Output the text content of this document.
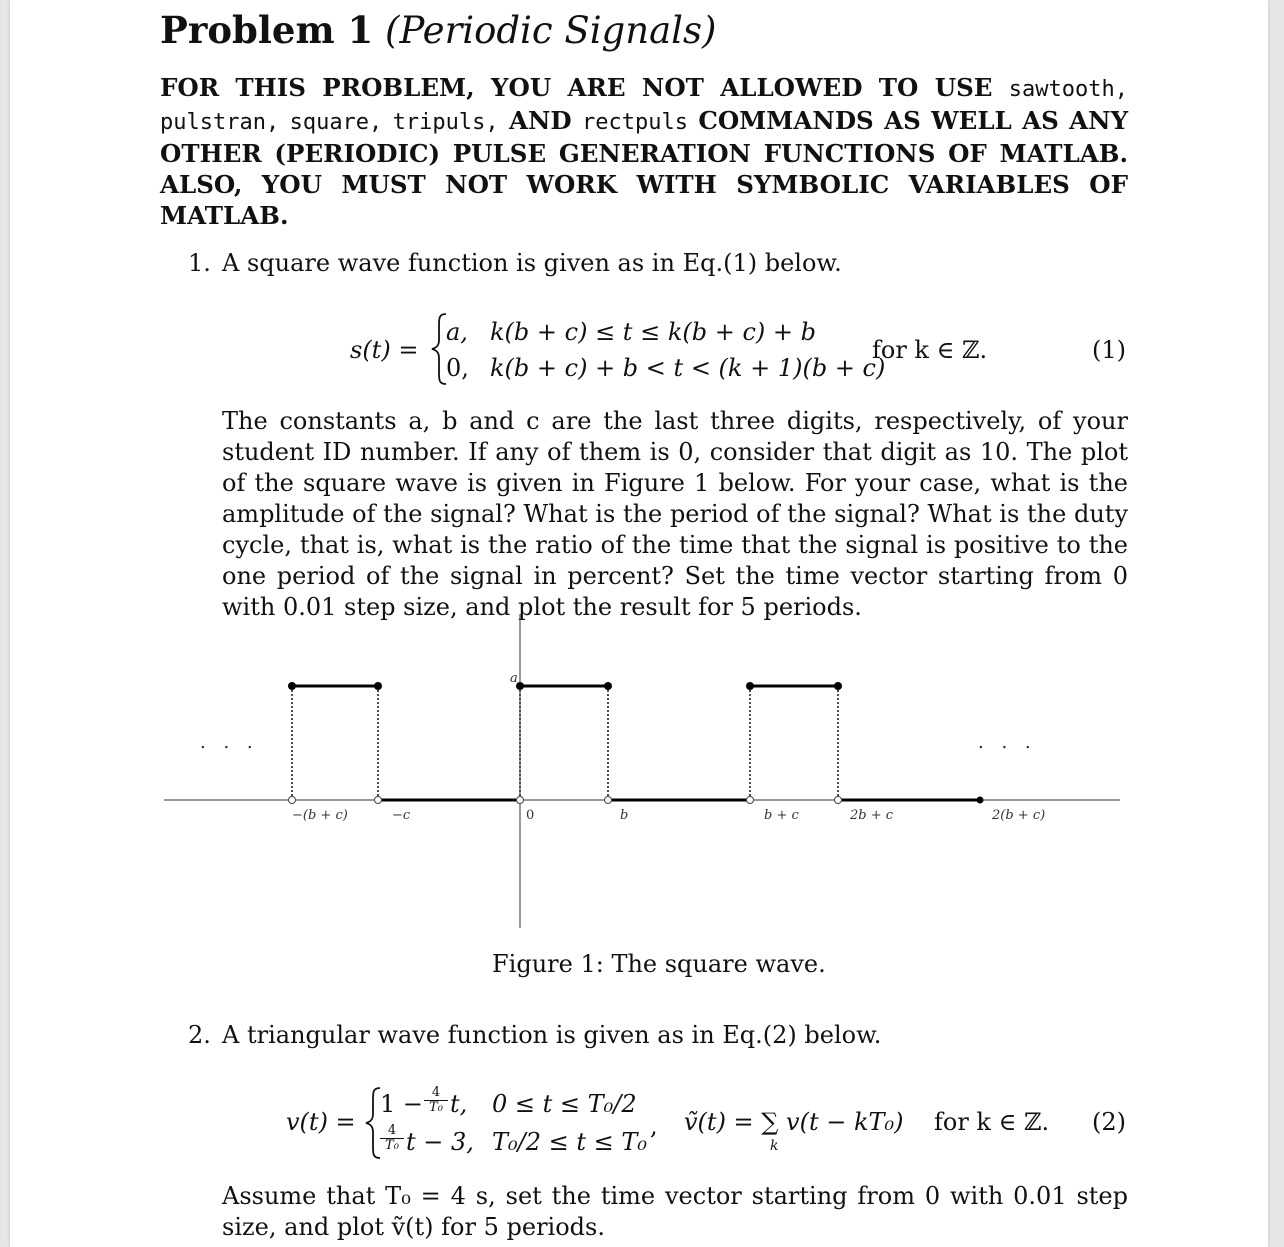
Problem 1 (Periodic Signals)
FOR THIS PROBLEM, YOU ARE NOT ALLOWED TO USE sawtooth, pulstran, square, tripuls, AND rectpuls COMMANDS AS WELL AS ANY OTHER (PERIODIC) PULSE GENERATION FUNCTIONS OF MATLAB. ALSO, YOU MUST NOT WORK WITH SYMBOLIC VARIABLES OF MATLAB.
1. A square wave function is given as in Eq.(1) below.
s(t) =
a, k(b + c) ≤ t ≤ k(b + c) + b
0, k(b + c) + b < t < (k + 1)(b + c)
for k ∈ ℤ.	(1)
The constants a, b and c are the last three digits, respectively, of your student ID number. If any of them is 0, consider that digit as 10. The plot of the square wave is given in Figure 1 below. For your case, what is the amplitude of the signal? What is the period of the signal? What is the duty cycle, that is, what is the ratio of the time that the signal is positive to the one period of the signal in percent? Set the time vector starting from 0 with 0.01 step size, and plot the result for 5 periods.
a
. . .	. . .
−(b + c)	−c	0	b	b + c	2b + c	2(b + c)
Figure 1: The square wave.
2. A triangular wave function is given as in Eq.(2) below.
v(t) =
1 − 4
T₀ t, 0 ≤ t ≤ T₀/2
4
T₀ t − 3, T₀/2 ≤ t ≤ T₀
, ṽ(t) = ∑ v(t − kT₀)
k
for k ∈ ℤ. (2)
Assume that T₀ = 4 s, set the time vector starting from 0 with 0.01 step size, and plot ṽ(t) for 5 periods.
